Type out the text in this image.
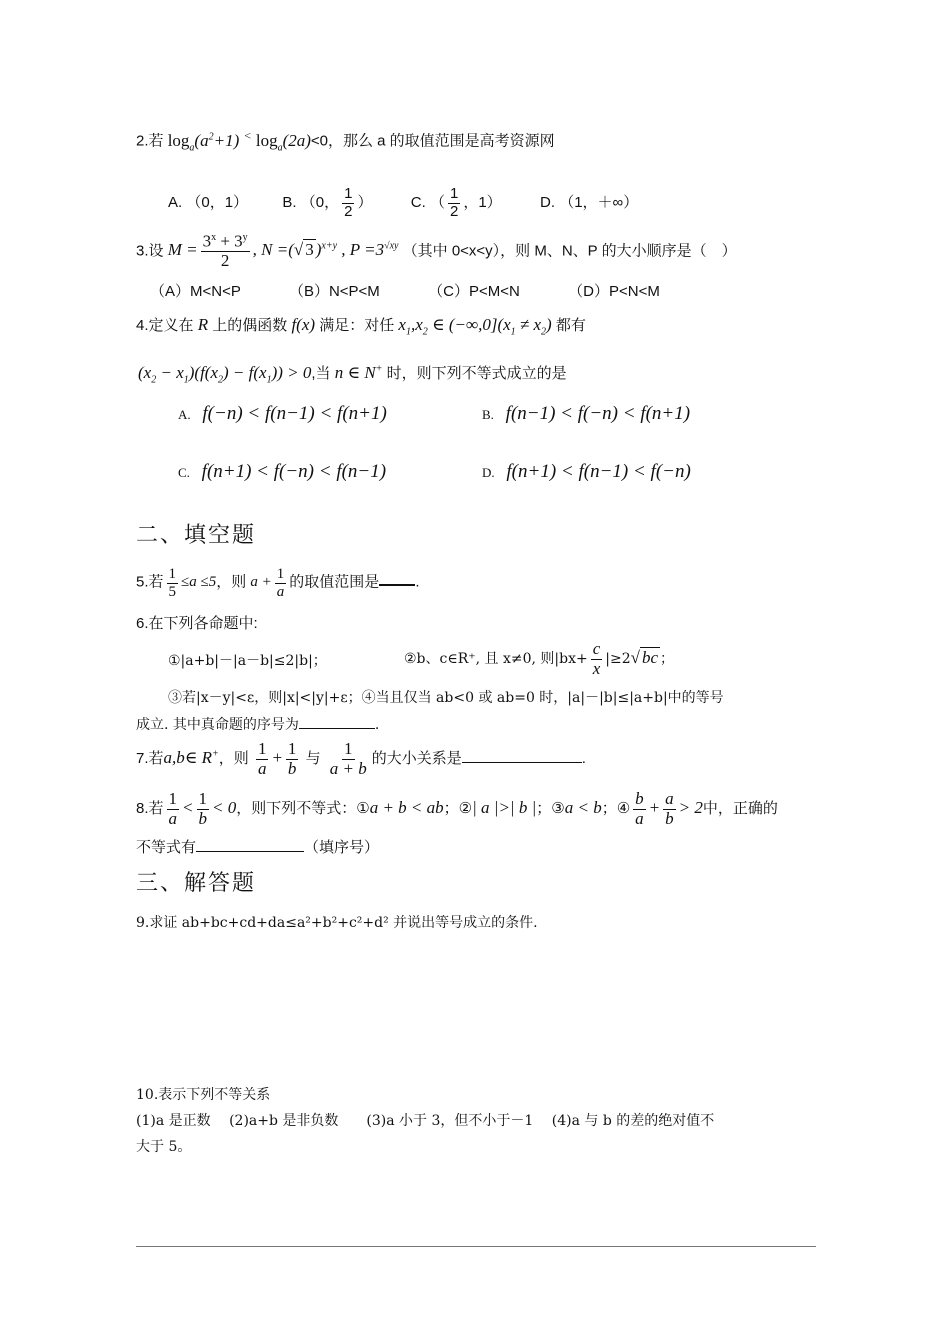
2.若 $\log_a(a^2+1)$ < $\log_a(2a)<0$，那么 a 的取值范围是高考资源网
A. （0，1） B. （0， $\frac{1}{2}$ ）	C. （ $\frac{1}{2}$ ，1）	D. （1，＋∞）
3.设 $M = \frac{3^x + 3^y}{2}$ , N =(√ 3 )$^{x+y}$ , $P =3^{√xy}$ （其中 0<x<y），则 M、N、P 的大小顺序是（　）
（A）M<N<P	（B）N<P<M	（C）P<M<N	（D）P<N<M
4.定义在 R 上的偶函数 f(x) 满足：对任 $x_1,x_2$ ∈ $(-\infty,0](x_1 \ne x_2)$ 都有
$(x_2 - x_1)(f(x_2) - f(x_1)) > 0$,当 n ∈ N+ 时，则下列不等式成立的是
A. f(−n) < f(n−1) < f(n+1)	B. f(n−1) < f(−n) < f(n+1)
C. f(n+1) < f(−n) < f(n−1)	D. f(n+1) < f(n−1) < f(−n)
二、填空题
5.若 $\frac{1}{5} \le a \le 5$，则 $a + \frac{1}{a}$ 的取值范围是 .
6.在下列各命题中:
①|a+b|－|a－b|≤2|b|；	②b、c∈R⁺, 且 x≠0, 则$|bx+ \frac{c}{x} |\ge 2√$ bc ；
③若|x－y|<ε，则|x|<|y|+ε；④当且仅当 ab<0 或 ab=0 时，|a|－|b|≤|a+b|中的等号
成立. 其中真命题的序号为	.
7.若a,b∈ R+，则 $\frac{1}{a} + \frac{1}{b}$ 与 $\frac{1}{a + b}$ 的大小关系是	.
8.若 $\frac{1}{a} < \frac{1}{b} < 0$，则下列不等式：①a + b < ab；②| a |>| b |；③a < b；④ $\frac{b}{a} + \frac{a}{b} > 2$中，正确的
不等式有	（填序号）
三、解答题
9.求证 ab+bc+cd+da≤a²+b²+c²+d² 并说出等号成立的条件.
10.表示下列不等关系
(1)a 是正数　 (2)a+b 是非负数　　(3)a 小于 3，但不小于－1　 (4)a 与 b 的差的绝对值不
大于 5。
